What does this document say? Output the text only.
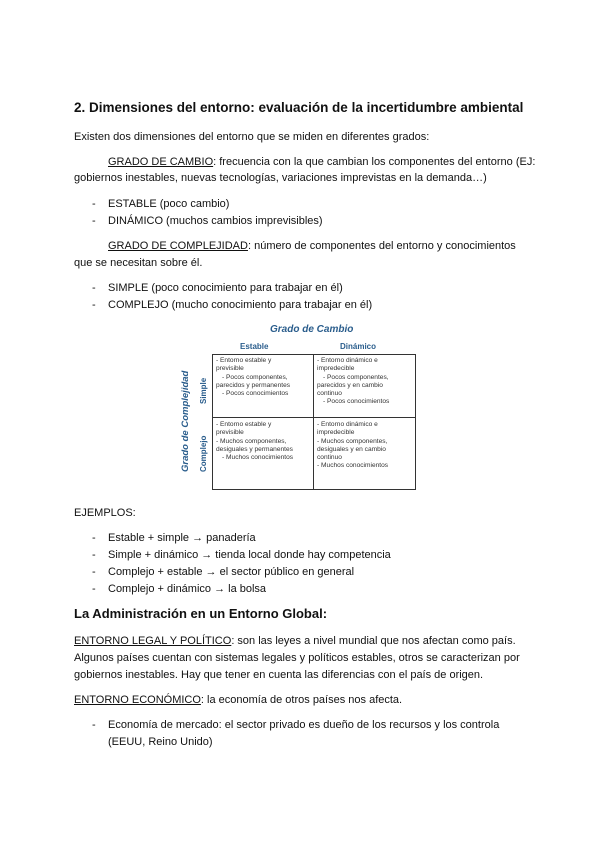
2. Dimensiones del entorno: evaluación de la incertidumbre ambiental
Existen dos dimensiones del entorno que se miden en diferentes grados:
GRADO DE CAMBIO: frecuencia con la que cambian los componentes del entorno (EJ:
gobiernos inestables, nuevas tecnologías, variaciones imprevistas en la demanda…)
- ESTABLE (poco cambio)
- DINÁMICO (muchos cambios imprevisibles)
GRADO DE COMPLEJIDAD: número de componentes del entorno y conocimientos
que se necesitan sobre él.
- SIMPLE (poco conocimiento para trabajar en él)
- COMPLEJO (mucho conocimiento para trabajar en él)
Grado de Cambio
Estable	Dinámico
Grado de Complejidad Simple
Complejo
- Entorno estable y
previsible
- Pocos componentes,
parecidos y permanentes
- Pocos conocimientos
- Entorno dinámico e
impredecible
- Pocos componentes,
parecidos y en cambio
continuo
- Pocos conocimientos
- Entorno estable y
previsible
- Muchos componentes,
desiguales y permanentes
- Muchos conocimientos
- Entorno dinámico e
impredecible
- Muchos componentes,
desiguales y en cambio
continuo
- Muchos conocimientos
EJEMPLOS:
- Estable + simple → panadería
- Simple + dinámico → tienda local donde hay competencia
- Complejo + estable → el sector público en general
- Complejo + dinámico → la bolsa
La Administración en un Entorno Global:
ENTORNO LEGAL Y POLÍTICO: son las leyes a nivel mundial que nos afectan como país.
Algunos países cuentan con sistemas legales y políticos estables, otros se caracterizan por
gobiernos inestables. Hay que tener en cuenta las diferencias con el país de origen.
ENTORNO ECONÓMICO: la economía de otros países nos afecta.
- Economía de mercado: el sector privado es dueño de los recursos y los controla
(EEUU, Reino Unido)
